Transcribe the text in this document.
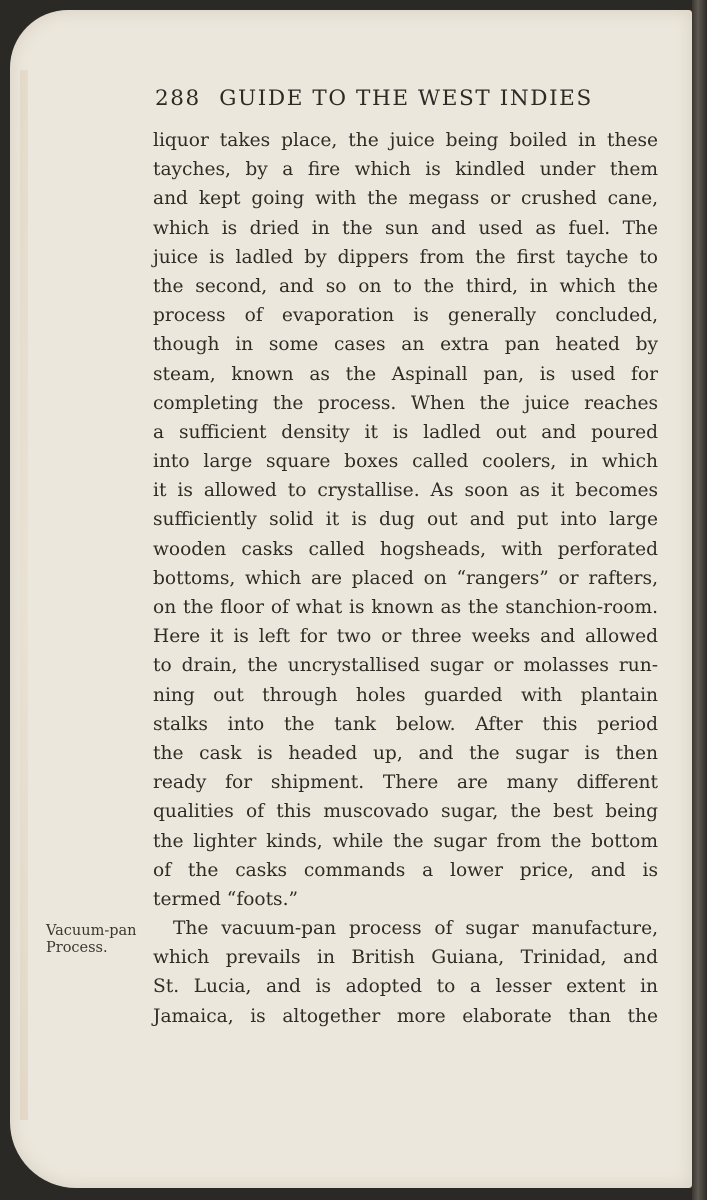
288 GUIDE TO THE WEST INDIES
liquor takes place, the juice being boiled in these
tayches, by a fire which is kindled under them
and kept going with the megass or crushed cane,
which is dried in the sun and used as fuel. The
juice is ladled by dippers from the first tayche to
the second, and so on to the third, in which the
process of evaporation is generally concluded,
though in some cases an extra pan heated by
steam, known as the Aspinall pan, is used for
completing the process. When the juice reaches
a sufficient density it is ladled out and poured
into large square boxes called coolers, in which
it is allowed to crystallise. As soon as it becomes
sufficiently solid it is dug out and put into large
wooden casks called hogsheads, with perforated
bottoms, which are placed on “rangers” or rafters,
on the floor of what is known as the stanchion-room.
Here it is left for two or three weeks and allowed
to drain, the uncrystallised sugar or molasses run-
ning out through holes guarded with plantain
stalks into the tank below. After this period
the cask is headed up, and the sugar is then
ready for shipment. There are many different
qualities of this muscovado sugar, the best being
the lighter kinds, while the sugar from the bottom
of the casks commands a lower price, and is
termed “foots.”
The vacuum-pan process of sugar manufacture,
which prevails in British Guiana, Trinidad, and
St. Lucia, and is adopted to a lesser extent in
Jamaica, is altogether more elaborate than the
Vacuum-pan
Process.
